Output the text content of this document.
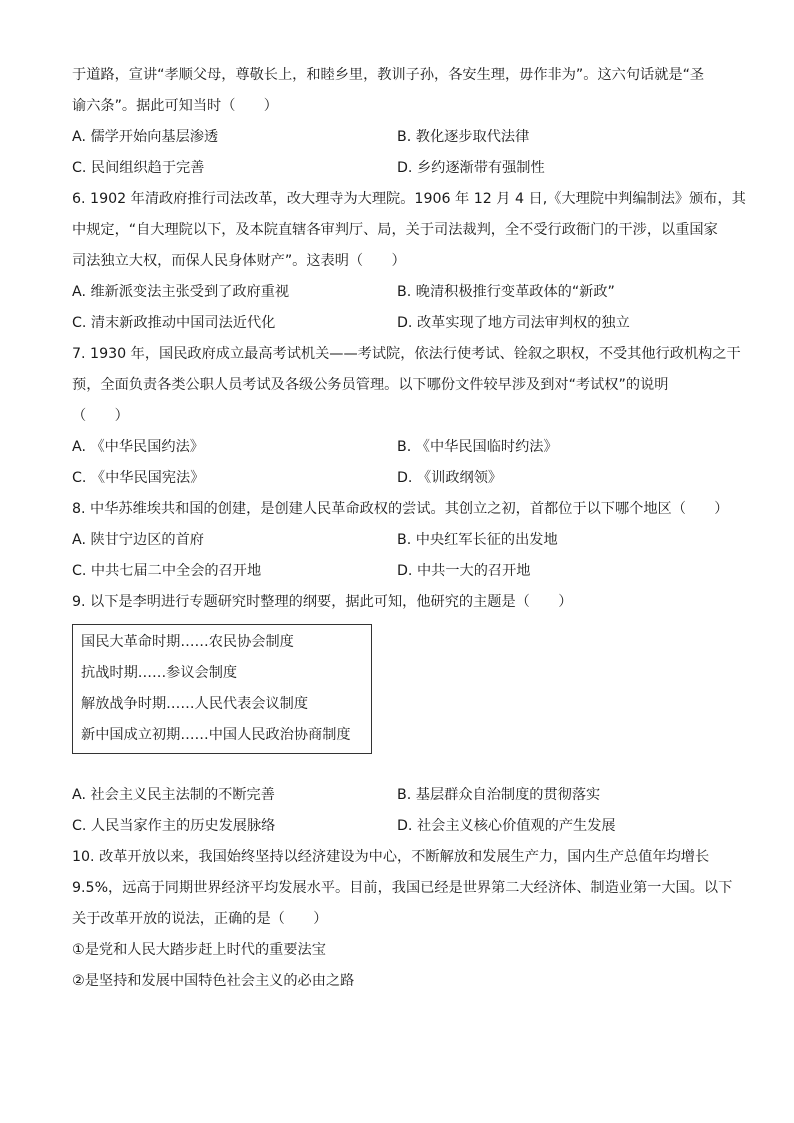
于道路，宣讲“孝顺父母，尊敬长上，和睦乡里，教训子孙，各安生理，毋作非为”。这六句话就是“圣
谕六条”。据此可知当时（　　）
A. 儒学开始向基层渗透	B. 教化逐步取代法律
C. 民间组织趋于完善	D. 乡约逐渐带有强制性
6. 1902 年清政府推行司法改革，改大理寺为大理院。1906 年 12 月 4 日,《大理院中判编制法》颁布，其
中规定，“自大理院以下，及本院直辖各审判厅、局，关于司法裁判，全不受行政衙门的干涉，以重国家
司法独立大权，而保人民身体财产”。这表明（　　）
A. 维新派变法主张受到了政府重视	B. 晚清积极推行变革政体的“新政”
C. 清末新政推动中国司法近代化	D. 改革实现了地方司法审判权的独立
7. 1930 年，国民政府成立最高考试机关——考试院，依法行使考试、铨叙之职权，不受其他行政机构之干
预，全面负责各类公职人员考试及各级公务员管理。以下哪份文件较早涉及到对“考试权”的说明
（　　）
A. 《中华民国约法》	B. 《中华民国临时约法》
C. 《中华民国宪法》	D. 《训政纲领》
8. 中华苏维埃共和国的创建，是创建人民革命政权的尝试。其创立之初，首都位于以下哪个地区（　　）
A. 陕甘宁边区的首府	B. 中央红军长征的出发地
C. 中共七届二中全会的召开地	D. 中共一大的召开地
9. 以下是李明进行专题研究时整理的纲要，据此可知，他研究的主题是（　　）
国民大革命时期……农民协会制度
抗战时期……参议会制度
解放战争时期……人民代表会议制度
新中国成立初期……中国人民政治协商制度
A. 社会主义民主法制的不断完善	B. 基层群众自治制度的贯彻落实
C. 人民当家作主的历史发展脉络	D. 社会主义核心价值观的产生发展
10. 改革开放以来，我国始终坚持以经济建设为中心，不断解放和发展生产力，国内生产总值年均增长
9.5%，远高于同期世界经济平均发展水平。目前，我国已经是世界第二大经济体、制造业第一大国。以下
关于改革开放的说法，正确的是（　　）
①是党和人民大踏步赶上时代的重要法宝
②是坚持和发展中国特色社会主义的必由之路
